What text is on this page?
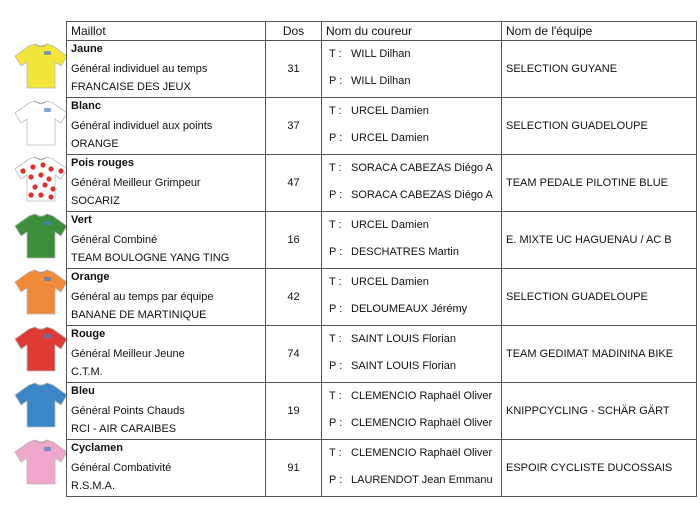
Maillot	Dos	Nom du coureur	Nom de l'équipe

Jaune
Général individuel au temps
FRANCAISE DES JEUX	31	T : WILL Dilhan
P : WILL Dilhan	SELECTION GUYANE

Blanc
Général individuel aux points
ORANGE	37	T : URCEL Damien
P : URCEL Damien	SELECTION GUADELOUPE

Pois rouges
Général Meilleur Grimpeur
SOCARIZ	47	T : SORACA CABEZAS Diégo A
P : SORACA CABEZAS Diégo A	TEAM PEDALE PILOTINE BLUE

Vert
Général Combiné
TEAM BOULOGNE YANG TING	16	T : URCEL Damien
P : DESCHATRES Martin	E. MIXTE UC HAGUENAU / AC B

Orange
Général au temps par équipe
BANANE DE MARTINIQUE	42	T : URCEL Damien
P : DELOUMEAUX Jérémy	SELECTION GUADELOUPE

Rouge
Général Meilleur Jeune
C.T.M.	74	T : SAINT LOUIS Florian
P : SAINT LOUIS Florian	TEAM GEDIMAT MADININA BIKE

Bleu
Général Points Chauds
RCI - AIR CARAIBES	19	T : CLEMENCIO Raphaël Oliver
P : CLEMENCIO Raphaël Oliver	KNIPPCYCLING - SCHÄR GÄRT

Cyclamen
Général Combativité
R.S.M.A.	91	T : CLEMENCIO Raphaël Oliver
P : LAURENDOT Jean Emmanu	ESPOIR CYCLISTE DUCOSSAIS
